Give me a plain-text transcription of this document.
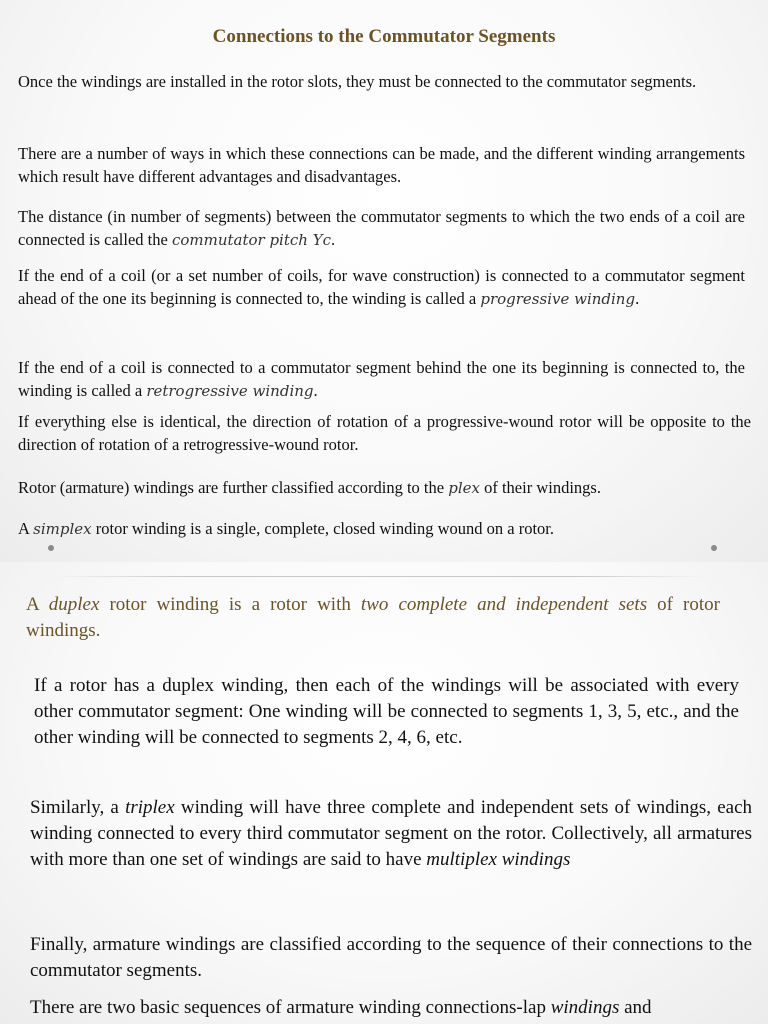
Connections to the Commutator Segments

Once the windings are installed in the rotor slots, they must be connected to the commutator segments.

There are a number of ways in which these connections can be made, and the different winding arrangements which result have different advantages and disadvantages.

The distance (in number of segments) between the commutator segments to which the two ends of a coil are connected is called the commutator pitch Yc.

If the end of a coil (or a set number of coils, for wave construction) is connected to a commutator segment ahead of the one its beginning is connected to, the winding is called a progressive winding.

If the end of a coil is connected to a commutator segment behind the one its beginning is connected to, the winding is called a retrogressive winding.

If everything else is identical, the direction of rotation of a progressive-wound rotor will be opposite to the direction of rotation of a retrogressive-wound rotor.

Rotor (armature) windings are further classified according to the plex of their windings.

A simplex rotor winding is a single, complete, closed winding wound on a rotor.

A duplex rotor winding is a rotor with two complete and independent sets of rotor windings.

If a rotor has a duplex winding, then each of the windings will be associated with every other commutator segment: One winding will be connected to segments 1, 3, 5, etc., and the other winding will be connected to segments 2, 4, 6, etc.

Similarly, a triplex winding will have three complete and independent sets of windings, each winding connected to every third commutator segment on the rotor. Collectively, all armatures with more than one set of windings are said to have multiplex windings

Finally, armature windings are classified according to the sequence of their connections to the commutator segments.

There are two basic sequences of armature winding connections-lap windings and
